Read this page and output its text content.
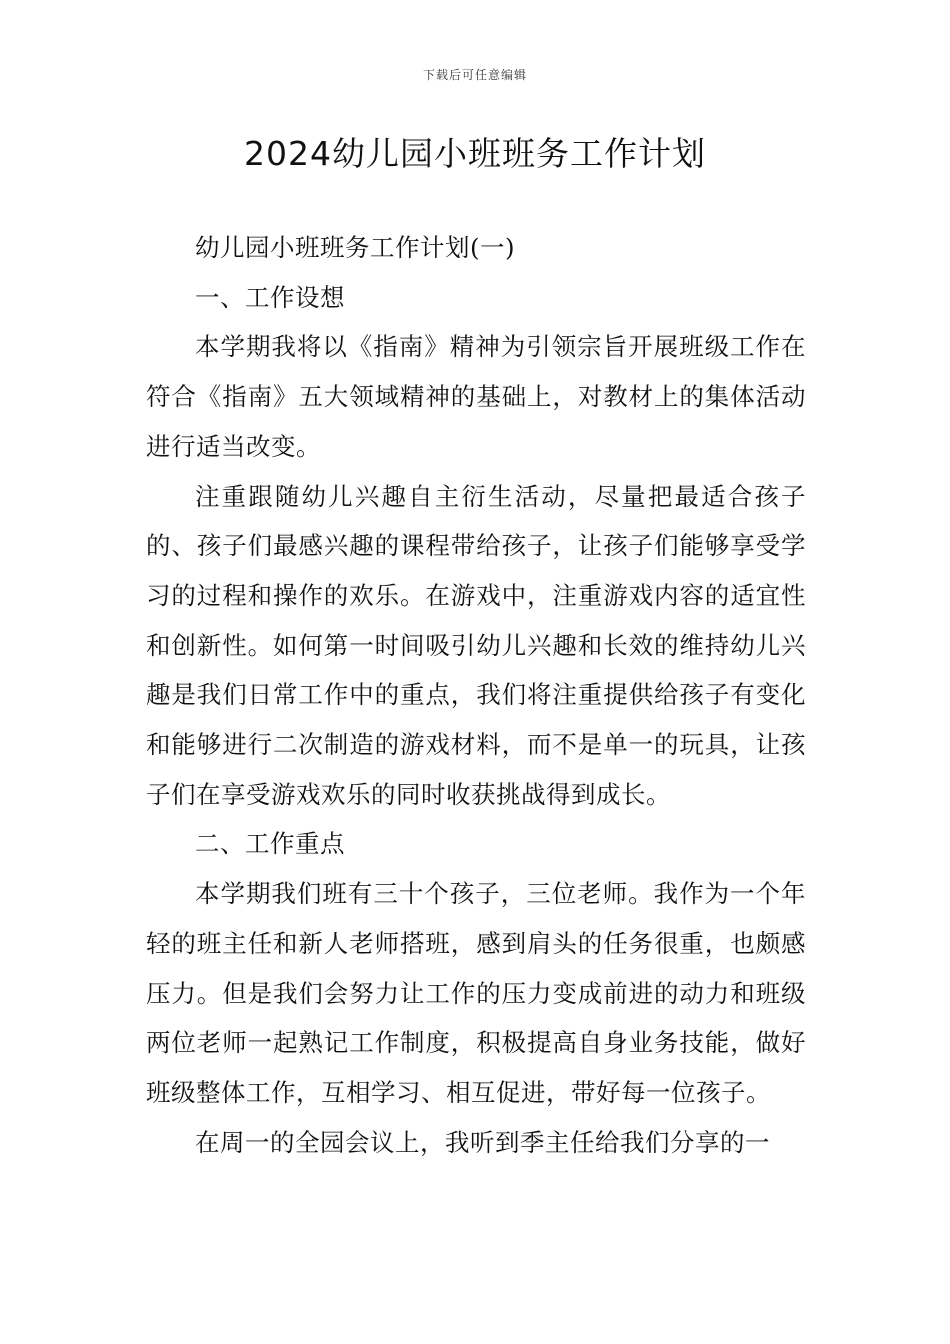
下载后可任意编辑
2024幼儿园小班班务工作计划

幼儿园小班班务工作计划(一)

一、工作设想

本学期我将以《指南》精神为引领宗旨开展班级工作在符合《指南》五大领域精神的基础上，对教材上的集体活动进行适当改变。

注重跟随幼儿兴趣自主衍生活动，尽量把最适合孩子的、孩子们最感兴趣的课程带给孩子，让孩子们能够享受学习的过程和操作的欢乐。在游戏中，注重游戏内容的适宜性和创新性。如何第一时间吸引幼儿兴趣和长效的维持幼儿兴趣是我们日常工作中的重点，我们将注重提供给孩子有变化和能够进行二次制造的游戏材料，而不是单一的玩具，让孩子们在享受游戏欢乐的同时收获挑战得到成长。

二、工作重点

本学期我们班有三十个孩子，三位老师。我作为一个年轻的班主任和新人老师搭班，感到肩头的任务很重，也颇感压力。但是我们会努力让工作的压力变成前进的动力和班级两位老师一起熟记工作制度，积极提高自身业务技能，做好班级整体工作，互相学习、相互促进，带好每一位孩子。

在周一的全园会议上，我听到季主任给我们分享的一
